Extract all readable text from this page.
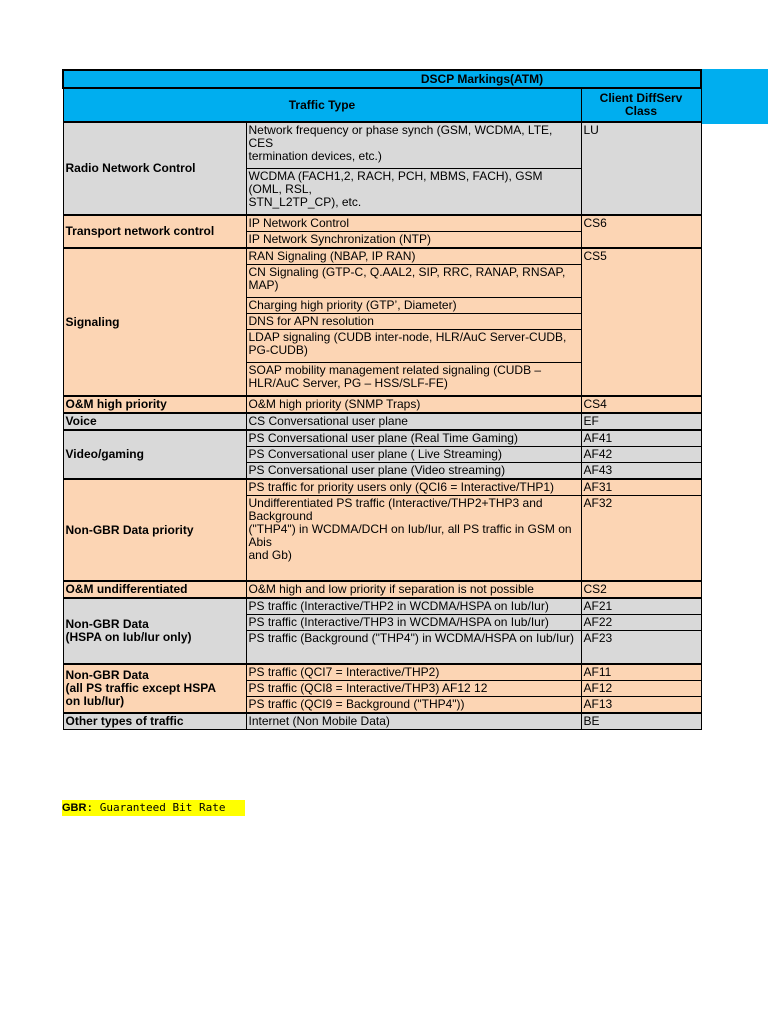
DSCP Markings(ATM)		
Traffic Type		Client DiffServ
Class
Radio Network Control	Network frequency or phase synch (GSM, WCDMA, LTE, CES
termination devices, etc.)	LU
	WCDMA (FACH1,2, RACH, PCH, MBMS, FACH), GSM (OML, RSL,
STN_L2TP_CP), etc.	
Transport network control	IP Network Control	CS6
	IP Network Synchronization (NTP)	
Signaling	RAN Signaling (NBAP, IP RAN)	CS5
	CN Signaling (GTP-C, Q.AAL2, SIP, RRC, RANAP, RNSAP, MAP)	
	Charging high priority (GTP’, Diameter)	
	DNS for APN resolution	
	LDAP signaling (CUDB inter-node, HLR/AuC Server-CUDB, PG-CUDB)	
	SOAP mobility management related signaling (CUDB – HLR/AuC Server, PG – HSS/SLF-FE)	
O&M high priority	O&M high priority (SNMP Traps)	CS4
Voice	CS Conversational user plane	EF
Video/gaming	PS Conversational user plane (Real Time Gaming)	AF41
	PS Conversational user plane ( Live Streaming)	AF42
	PS Conversational user plane (Video streaming)	AF43
Non-GBR Data priority	PS traffic for priority users only (QCI6 = Interactive/THP1)	AF31
	Undifferentiated PS traffic (Interactive/THP2+THP3 and Background
("THP4") in WCDMA/DCH on Iub/Iur, all PS traffic in GSM on Abis
and Gb)	AF32
O&M undifferentiated	O&M high and low priority if separation is not possible	CS2
Non-GBR Data
(HSPA on Iub/Iur only)	PS traffic (Interactive/THP2 in WCDMA/HSPA on Iub/Iur)	AF21
	PS traffic (Interactive/THP3 in WCDMA/HSPA on Iub/Iur)	AF22
	PS traffic (Background ("THP4") in WCDMA/HSPA on Iub/Iur)	AF23
Non-GBR Data
(all PS traffic except HSPA
on Iub/Iur)	PS traffic (QCI7 = Interactive/THP2)	AF11
	PS traffic (QCI8 = Interactive/THP3) AF12 12	AF12
	PS traffic (QCI9 = Background ("THP4"))	AF13
Other types of traffic	Internet (Non Mobile Data)	BE
GBR: Guaranteed Bit Rate
